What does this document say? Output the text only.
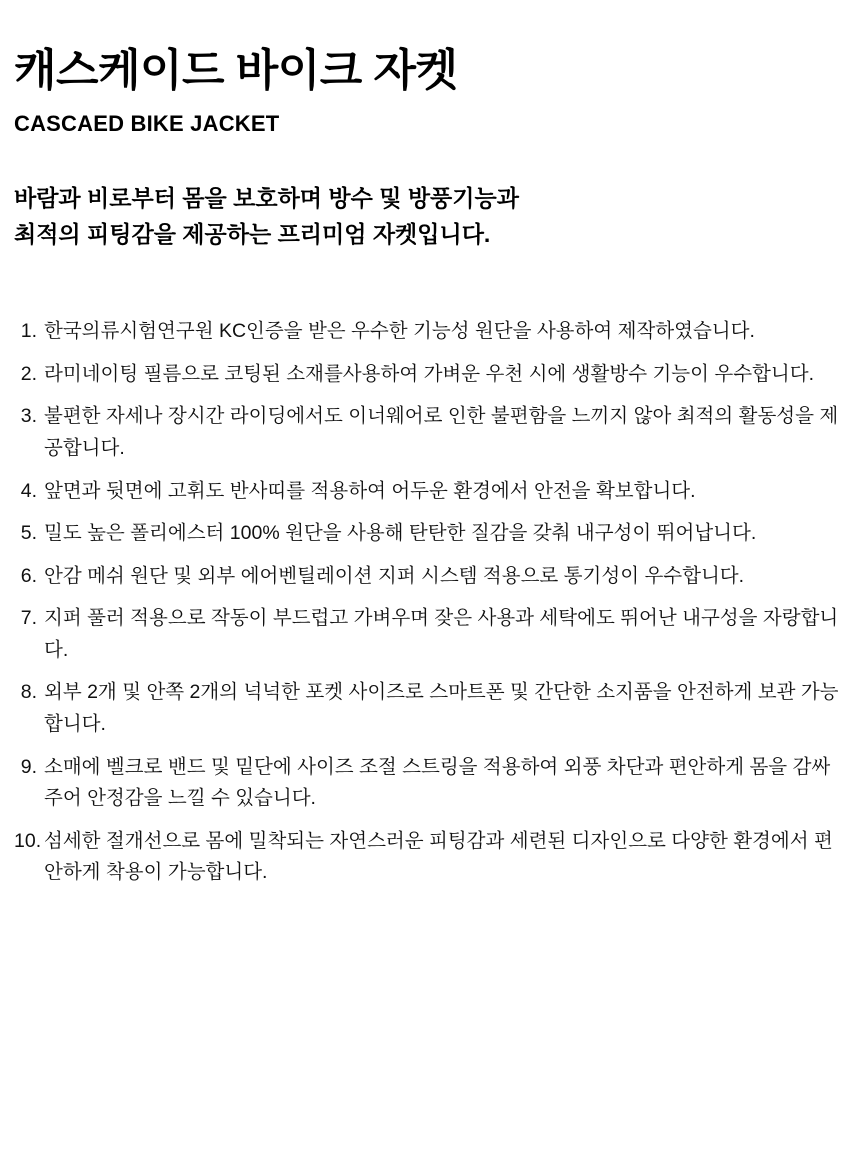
캐스케이드 바이크 자켓
CASCAED BIKE JACKET
바람과 비로부터 몸을 보호하며 방수 및 방풍기능과
최적의 피팅감을 제공하는 프리미엄 자켓입니다.
1. 한국의류시험연구원 KC인증을 받은 우수한 기능성 원단을 사용하여 제작하였습니다.
2. 라미네이팅 필름으로 코팅된 소재를사용하여 가벼운 우천 시에 생활방수 기능이 우수합니다.
3. 불편한 자세나 장시간 라이딩에서도 이너웨어로 인한 불편함을 느끼지 않아 최적의 활동성을 제공합니다.
4. 앞면과 뒷면에 고휘도 반사띠를 적용하여 어두운 환경에서 안전을 확보합니다.
5. 밀도 높은 폴리에스터 100% 원단을 사용해 탄탄한 질감을 갖춰 내구성이 뛰어납니다.
6. 안감 메쉬 원단 및 외부 에어벤틸레이션 지퍼 시스템 적용으로 통기성이 우수합니다.
7. 지퍼 풀러 적용으로 작동이 부드럽고 가벼우며 잦은 사용과 세탁에도 뛰어난 내구성을 자랑합니다.
8. 외부 2개 및 안쪽 2개의 넉넉한 포켓 사이즈로 스마트폰 및 간단한 소지품을 안전하게 보관 가능합니다.
9. 소매에 벨크로 밴드 및 밑단에 사이즈 조절 스트링을 적용하여 외풍 차단과 편안하게 몸을 감싸주어 안정감을 느낄 수 있습니다.
10. 섬세한 절개선으로 몸에 밀착되는 자연스러운 피팅감과 세련된 디자인으로 다양한 환경에서 편안하게 착용이 가능합니다.
